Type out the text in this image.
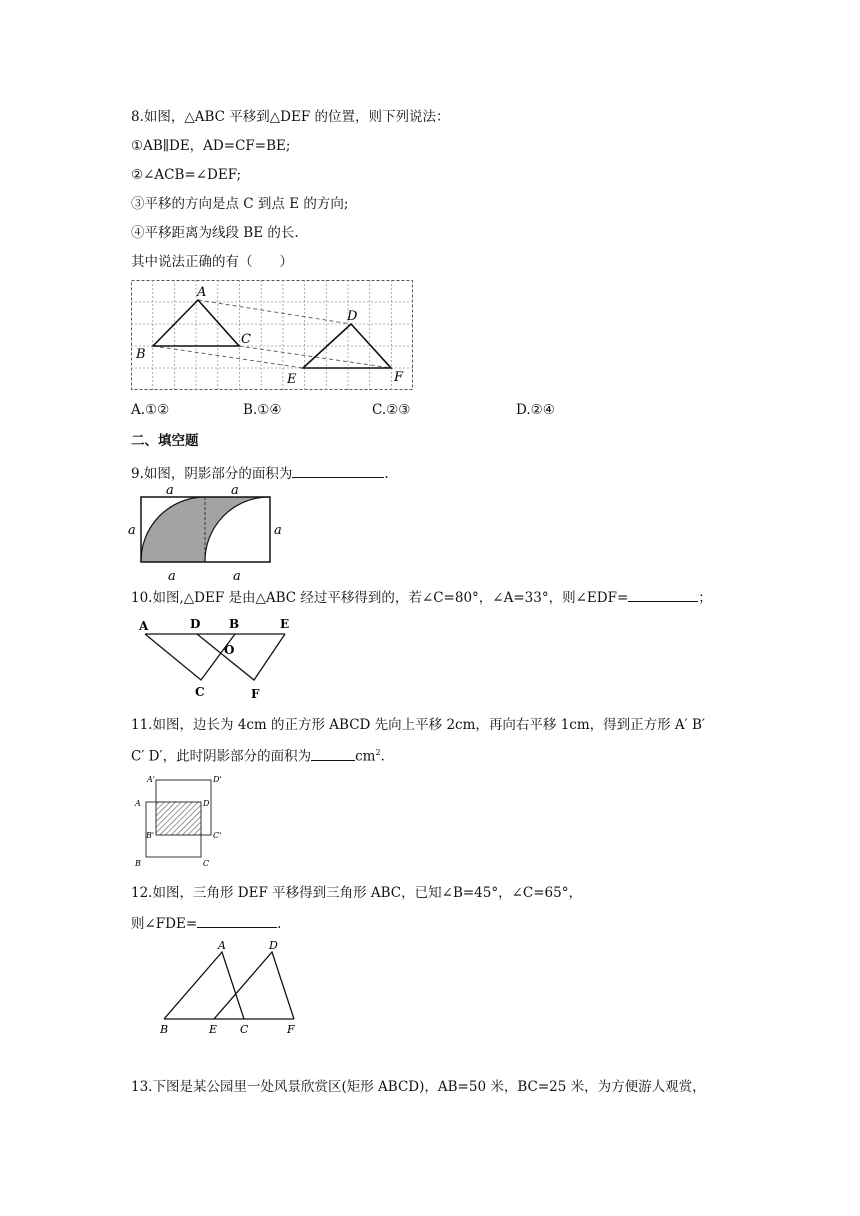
8.如图，△ABC 平移到△DEF 的位置，则下列说法：
①AB∥DE，AD=CF=BE;
②∠ACB=∠DEF;
③平移的方向是点 C 到点 E 的方向;
④平移距离为线段 BE 的长.
其中说法正确的有（　　）
A
B
C
D
E	F
A.①②	B.①④	C.②③	D.②④
二、填空题
9.如图，阴影部分的面积为	.
a	a
a	a
a	a
10.如图,△DEF 是由△ABC 经过平移得到的，若∠C=80°，∠A=33°，则∠EDF=	；
A	D B	E
O
C	F
11.如图，边长为 4cm 的正方形 ABCD 先向上平移 2cm，再向右平移 1cm，得到正方形 A′ B′
C′ D′，此时阴影部分的面积为	$cm^2$.
A'	D'
A	D
B'	C'
B	C
12.如图，三角形 DEF 平移得到三角形 ABC，已知∠B=45°，∠C=65°，
则∠FDE=	.
A	D
B	E C	F
13.下图是某公园里一处风景欣赏区(矩形 ABCD)，AB=50 米，BC=25 米，为方便游人观赏，
